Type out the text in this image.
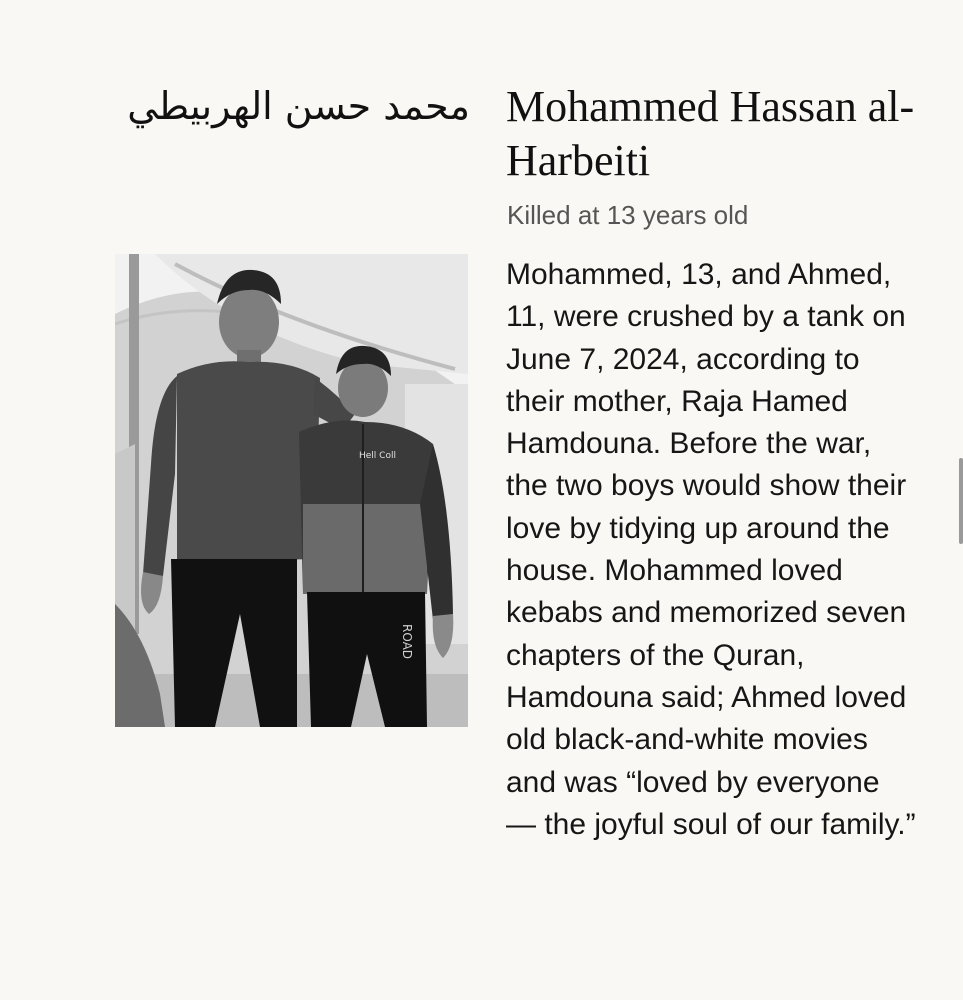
محمد حسن الهربيطي Mohammed Hassan al-Harbeiti
Killed at 13 years old
Hell Coll
ROAD

Mohammed, 13, and Ahmed, 11, were crushed by a tank on June 7, 2024, according to their mother, Raja Hamed Hamdouna. Before the war, the two boys would show their love by tidying up around the house. Mohammed loved kebabs and memorized seven chapters of the Quran, Hamdouna said; Ahmed loved old black-and-white movies and was “loved by everyone — the joyful soul of our family.”
